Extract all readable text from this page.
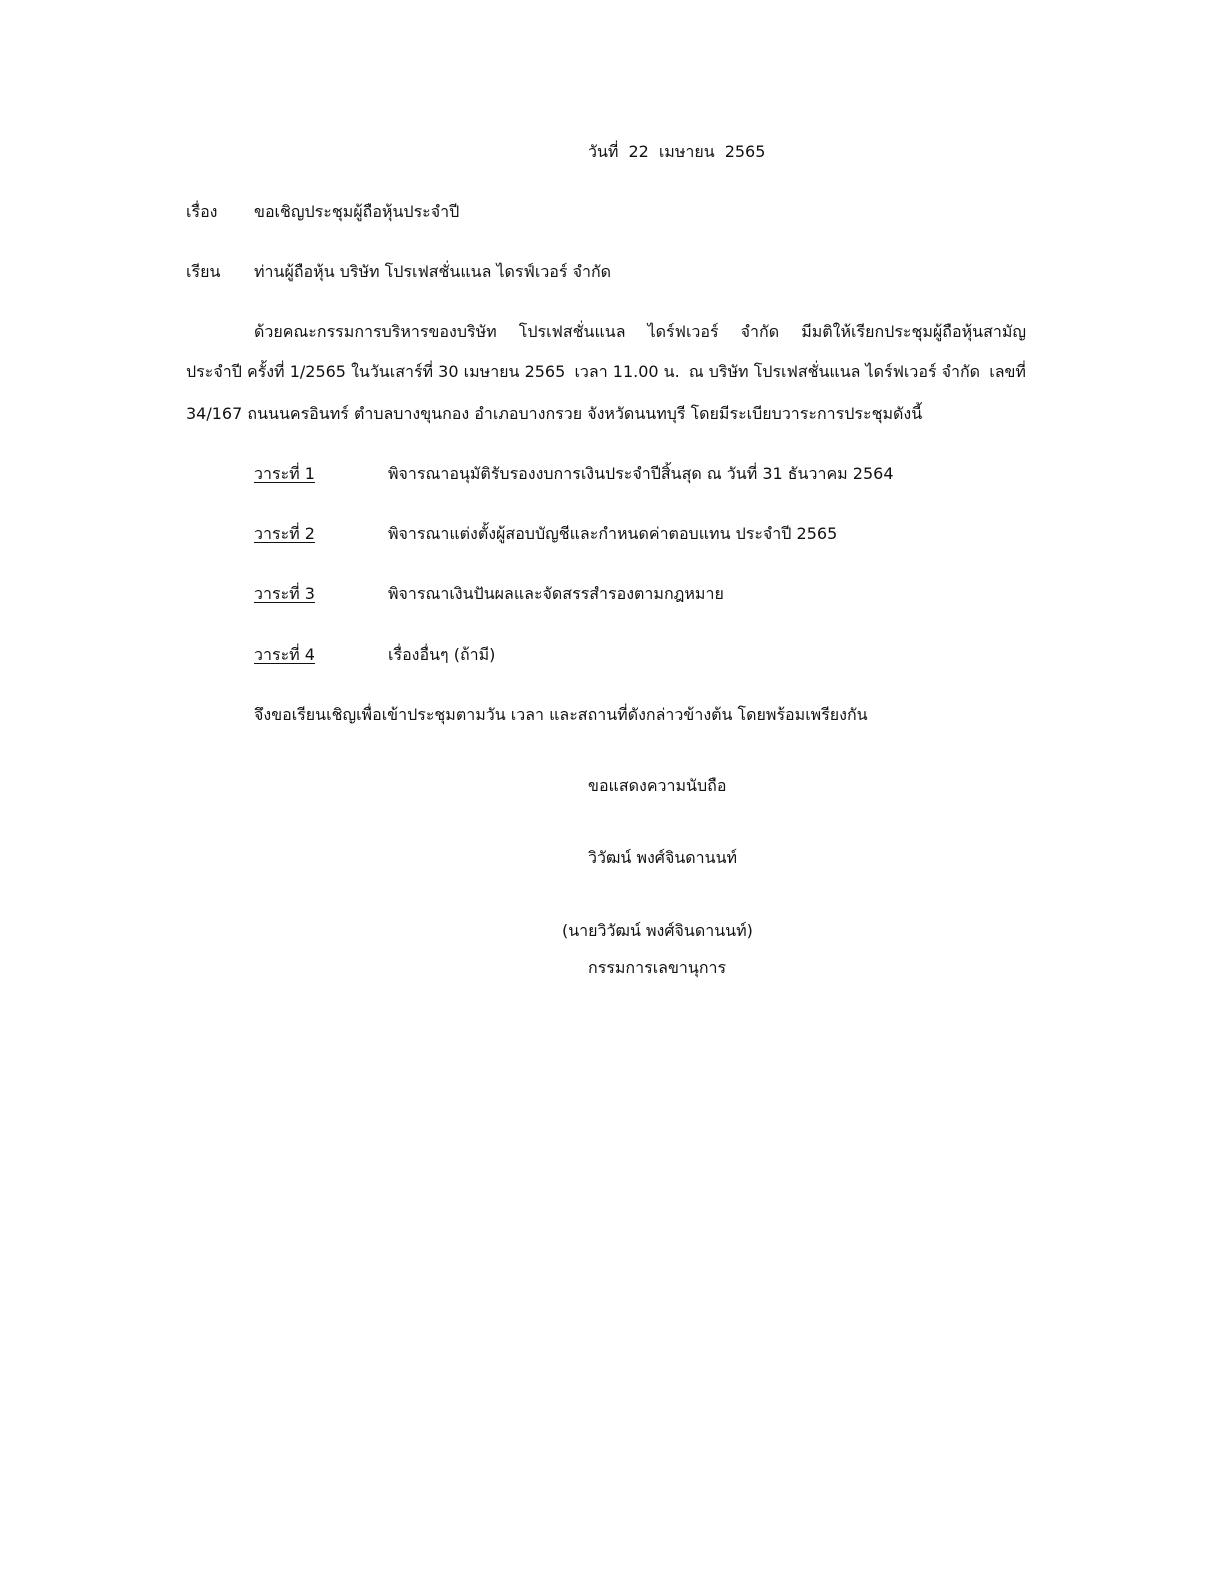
วันที่ 22 เมษายน 2565
เรื่อง ขอเชิญประชุมผู้ถือหุ้นประจำปี
เรียน ท่านผู้ถือหุ้น บริษัท โปรเฟสชั่นแนล ไดรฟ์เวอร์ จำกัด
ด้วยคณะกรรมการบริหารของบริษัท โปรเฟสชั่นแนล ไดร์ฟเวอร์ จำกัด มีมติให้เรียกประชุมผู้ถือหุ้นสามัญ
ประจำปี ครั้งที่ 1/2565 ในวันเสาร์ที่ 30 เมษายน 2565 เวลา 11.00 น. ณ บริษัท โปรเฟสชั่นแนล ไดร์ฟเวอร์ จำกัด เลขที่
34/167 ถนนนครอินทร์ ตำบลบางขุนกอง อำเภอบางกรวย จังหวัดนนทบุรี โดยมีระเบียบวาระการประชุมดังนี้
วาระที่ 1	พิจารณาอนุมัติรับรองงบการเงินประจำปีสิ้นสุด ณ วันที่ 31 ธันวาคม 2564
วาระที่ 2	พิจารณาแต่งตั้งผู้สอบบัญชีและกำหนดค่าตอบแทน ประจำปี 2565
วาระที่ 3	พิจารณาเงินปันผลและจัดสรรสำรองตามกฎหมาย
วาระที่ 4	เรื่องอื่นๆ (ถ้ามี)
จึงขอเรียนเชิญเพื่อเข้าประชุมตามวัน เวลา และสถานที่ดังกล่าวข้างต้น โดยพร้อมเพรียงกัน
ขอแสดงความนับถือ
วิวัฒน์ พงศ์จินดานนท์
(นายวิวัฒน์ พงศ์จินดานนท์)
กรรมการเลขานุการ
